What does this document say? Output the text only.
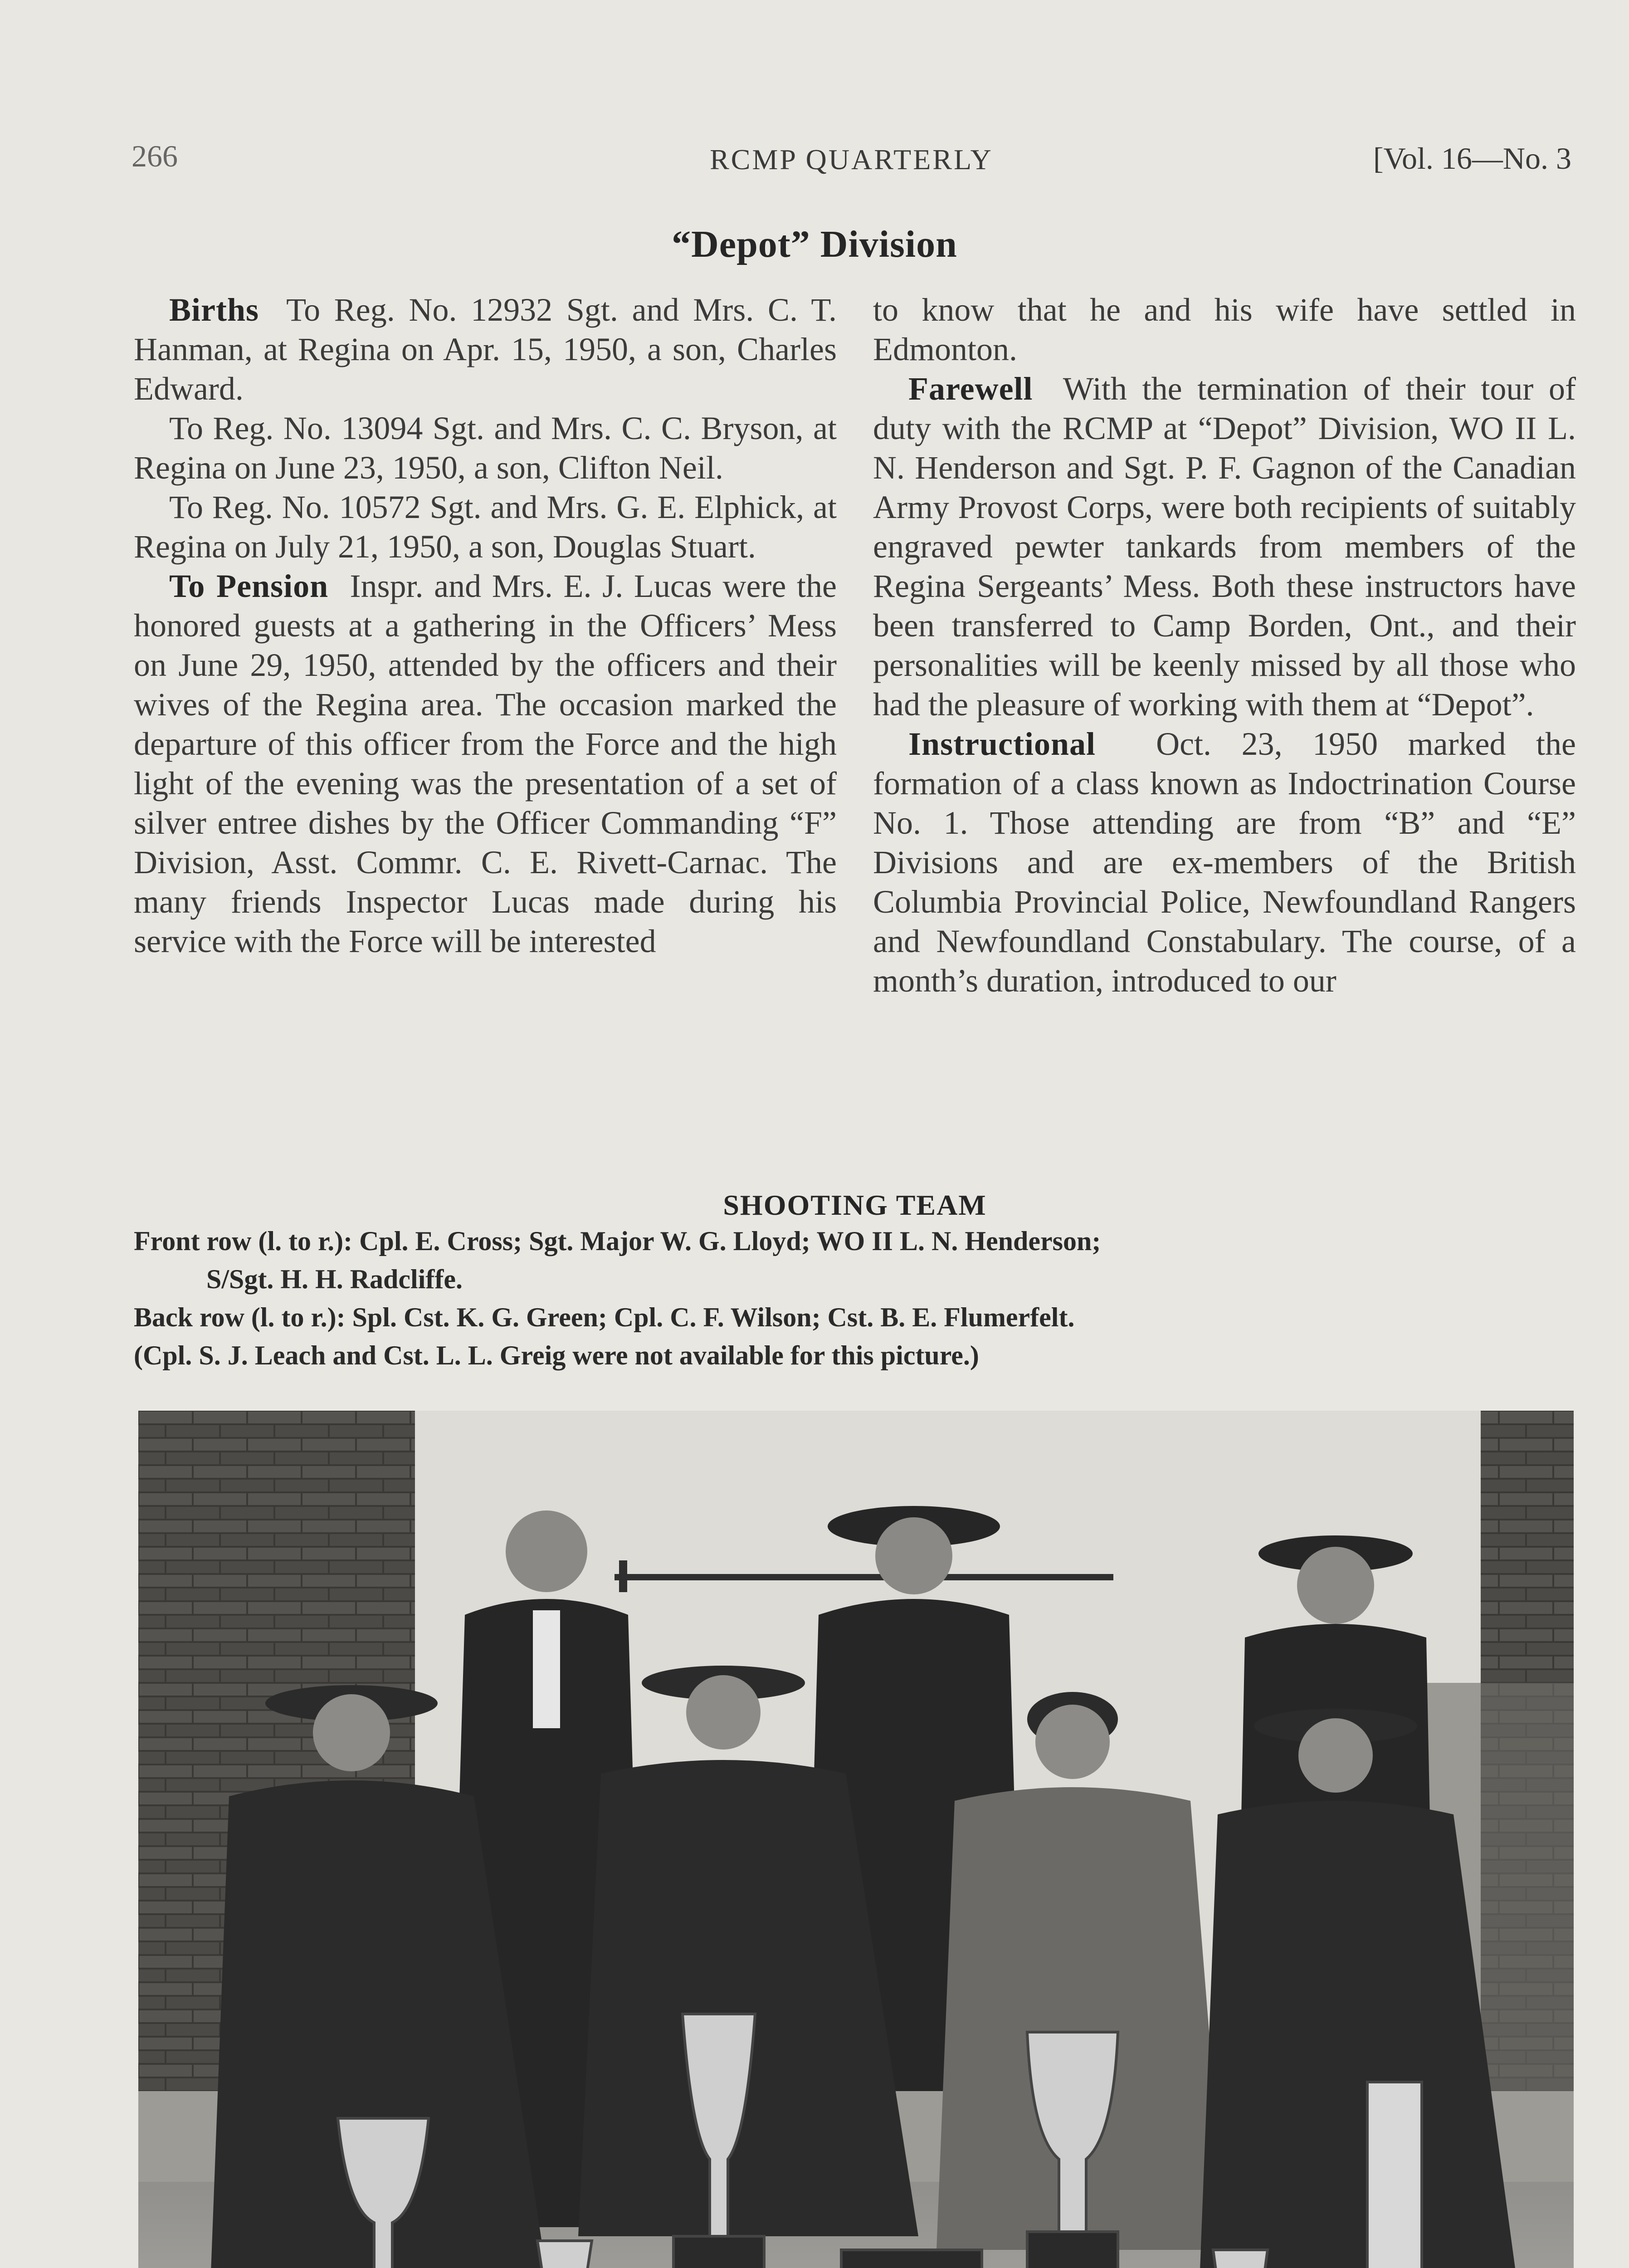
266	RCMP QUARTERLY	[Vol. 16—No. 3
“Depot” Division

Births To Reg. No. 12932 Sgt. and Mrs. C. T. Hanman, at Regina on Apr. 15, 1950, a son, Charles Edward.

To Reg. No. 13094 Sgt. and Mrs. C. C. Bryson, at Regina on June 23, 1950, a son, Clifton Neil.

To Reg. No. 10572 Sgt. and Mrs. G. E. Elphick, at Regina on July 21, 1950, a son, Douglas Stuart.

To Pension Inspr. and Mrs. E. J. Lucas were the honored guests at a gathering in the Officers’ Mess on June 29, 1950, attended by the officers and their wives of the Regina area. The occasion marked the departure of this officer from the Force and the high light of the evening was the presentation of a set of silver entree dishes by the Officer Commanding “F” Division, Asst. Commr. C. E. Rivett-Carnac. The many friends Inspector Lucas made during his service with the Force will be interested

to know that he and his wife have settled in Edmonton.

Farewell With the termination of their tour of duty with the RCMP at “Depot” Division, WO II L. N. Henderson and Sgt. P. F. Gagnon of the Canadian Army Provost Corps, were both recipients of suitably engraved pewter tankards from members of the Regina Sergeants’ Mess. Both these instructors have been transferred to Camp Borden, Ont., and their personalities will be keenly missed by all those who had the pleasure of working with them at “Depot”.

Instructional Oct. 23, 1950 marked the formation of a class known as Indoctrination Course No. 1. Those attending are from “B” and “E” Divisions and are ex-members of the British Columbia Provincial Police, Newfoundland Rangers and Newfoundland Constabulary. The course, of a month’s duration, introduced to our

SHOOTING TEAM
Front row (l. to r.): Cpl. E. Cross; Sgt. Major W. G. Lloyd; WO II L. N. Henderson;
S/Sgt. H. H. Radcliffe.
Back row (l. to r.): Spl. Cst. K. G. Green; Cpl. C. F. Wilson; Cst. B. E. Flumerfelt.
(Cpl. S. J. Leach and Cst. L. L. Greig were not available for this picture.)
